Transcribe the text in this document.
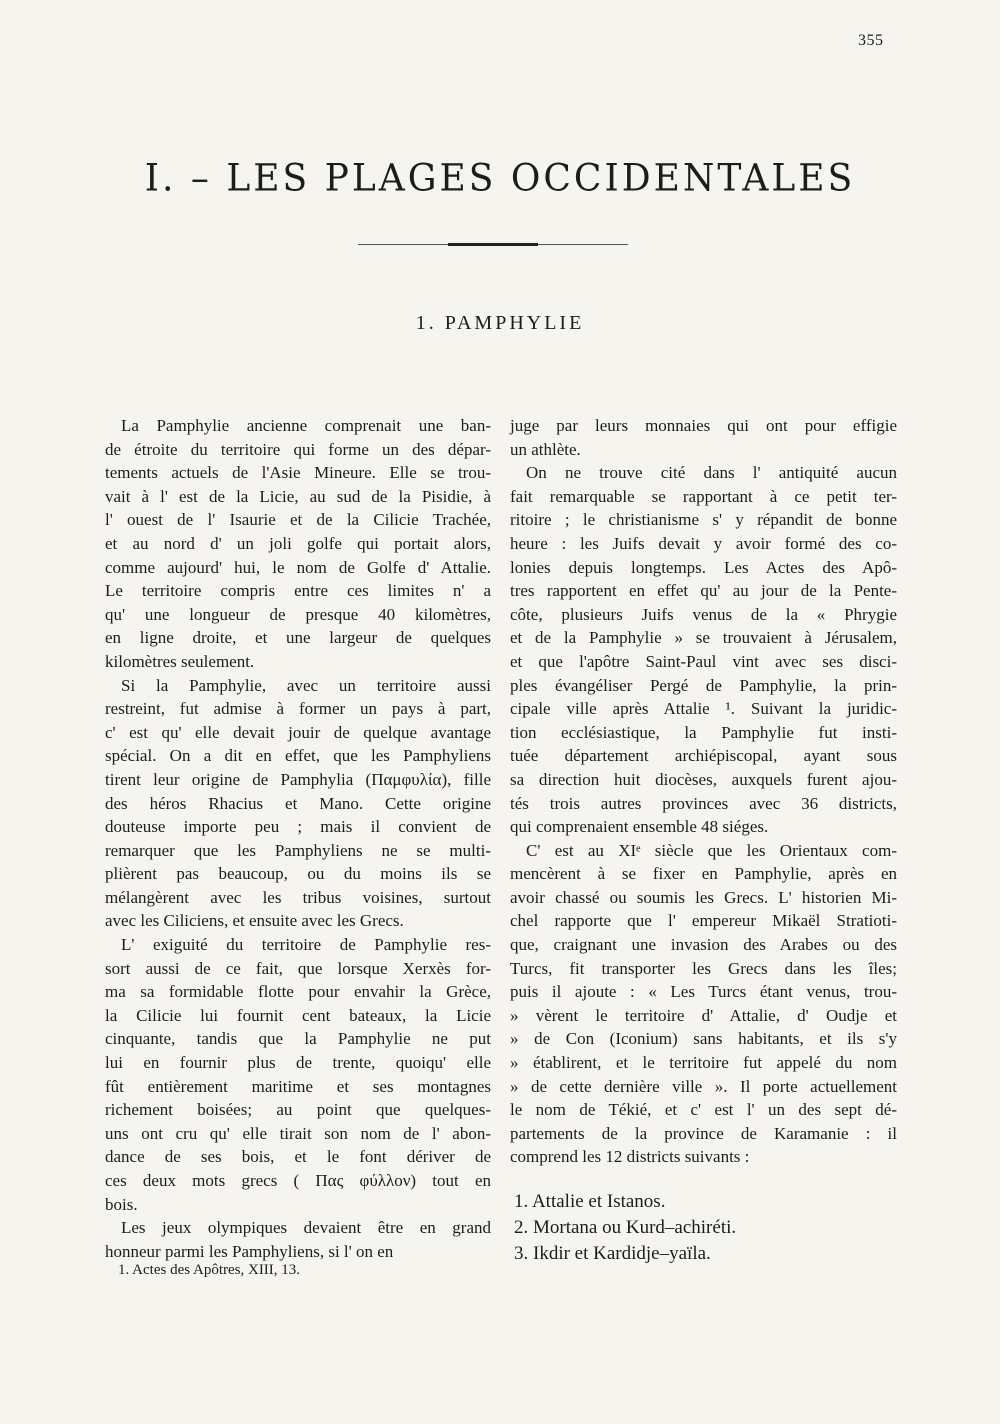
355
I. – LES PLAGES OCCIDENTALES
1. PAMPHYLIE

La Pamphylie ancienne comprenait une ban-
de étroite du territoire qui forme un des dépar-
tements actuels de l'Asie Mineure. Elle se trou-
vait à l' est de la Licie, au sud de la Pisidie, à
l' ouest de l' Isaurie et de la Cilicie Trachée,
et au nord d' un joli golfe qui portait alors,
comme aujourd' hui, le nom de Golfe d' Attalie.
Le territoire compris entre ces limites n' a
qu' une longueur de presque 40 kilomètres,
en ligne droite, et une largeur de quelques
kilomètres seulement.

Si la Pamphylie, avec un territoire aussi
restreint, fut admise à former un pays à part,
c' est qu' elle devait jouir de quelque avantage
spécial. On a dit en effet, que les Pamphyliens
tirent leur origine de Pamphylia (Παμφυλία), fille
des héros Rhacius et Mano. Cette origine
douteuse importe peu ; mais il convient de
remarquer que les Pamphyliens ne se multi-
plièrent pas beaucoup, ou du moins ils se
mélangèrent avec les tribus voisines, surtout
avec les Ciliciens, et ensuite avec les Grecs.

L' exiguité du territoire de Pamphylie res-
sort aussi de ce fait, que lorsque Xerxès for-
ma sa formidable flotte pour envahir la Grèce,
la Cilicie lui fournit cent bateaux, la Licie
cinquante, tandis que la Pamphylie ne put
lui en fournir plus de trente, quoiqu' elle
fût entièrement maritime et ses montagnes
richement boisées; au point que quelques-
uns ont cru qu' elle tirait son nom de l' abon-
dance de ses bois, et le font dériver de
ces deux mots grecs ( Πας φύλλον) tout en
bois.

Les jeux olympiques devaient être en grand
honneur parmi les Pamphyliens, si l' on en

juge par leurs monnaies qui ont pour effigie
un athlète.

On ne trouve cité dans l' antiquité aucun
fait remarquable se rapportant à ce petit ter-
ritoire ; le christianisme s' y répandit de bonne
heure : les Juifs devait y avoir formé des co-
lonies depuis longtemps. Les Actes des Apô-
tres rapportent en effet qu' au jour de la Pente-
côte, plusieurs Juifs venus de la « Phrygie
et de la Pamphylie » se trouvaient à Jérusalem,
et que l'apôtre Saint-Paul vint avec ses disci-
ples évangéliser Pergé de Pamphylie, la prin-
cipale ville après Attalie ¹. Suivant la juridic-
tion ecclésiastique, la Pamphylie fut insti-
tuée département archiépiscopal, ayant sous
sa direction huit diocèses, auxquels furent ajou-
tés trois autres provinces avec 36 districts,
qui comprenaient ensemble 48 siéges.

C' est au XIᵉ siècle que les Orientaux com-
mencèrent à se fixer en Pamphylie, après en
avoir chassé ou soumis les Grecs. L' historien Mi-
chel rapporte que l' empereur Mikaël Stratioti-
que, craignant une invasion des Arabes ou des
Turcs, fit transporter les Grecs dans les îles;
puis il ajoute : « Les Turcs étant venus, trou-
» vèrent le territoire d' Attalie, d' Oudje et
» de Con (Iconium) sans habitants, et ils s'y
» établirent, et le territoire fut appelé du nom
» de cette dernière ville ». Il porte actuellement
le nom de Tékié, et c' est l' un des sept dé-
partements de la province de Karamanie : il
comprend les 12 districts suivants :

1. Attalie et Istanos.
2. Mortana ou Kurd–achiréti.
3. Ikdir et Kardidje–yaïla.
1. Actes des Apôtres, XIII, 13.
